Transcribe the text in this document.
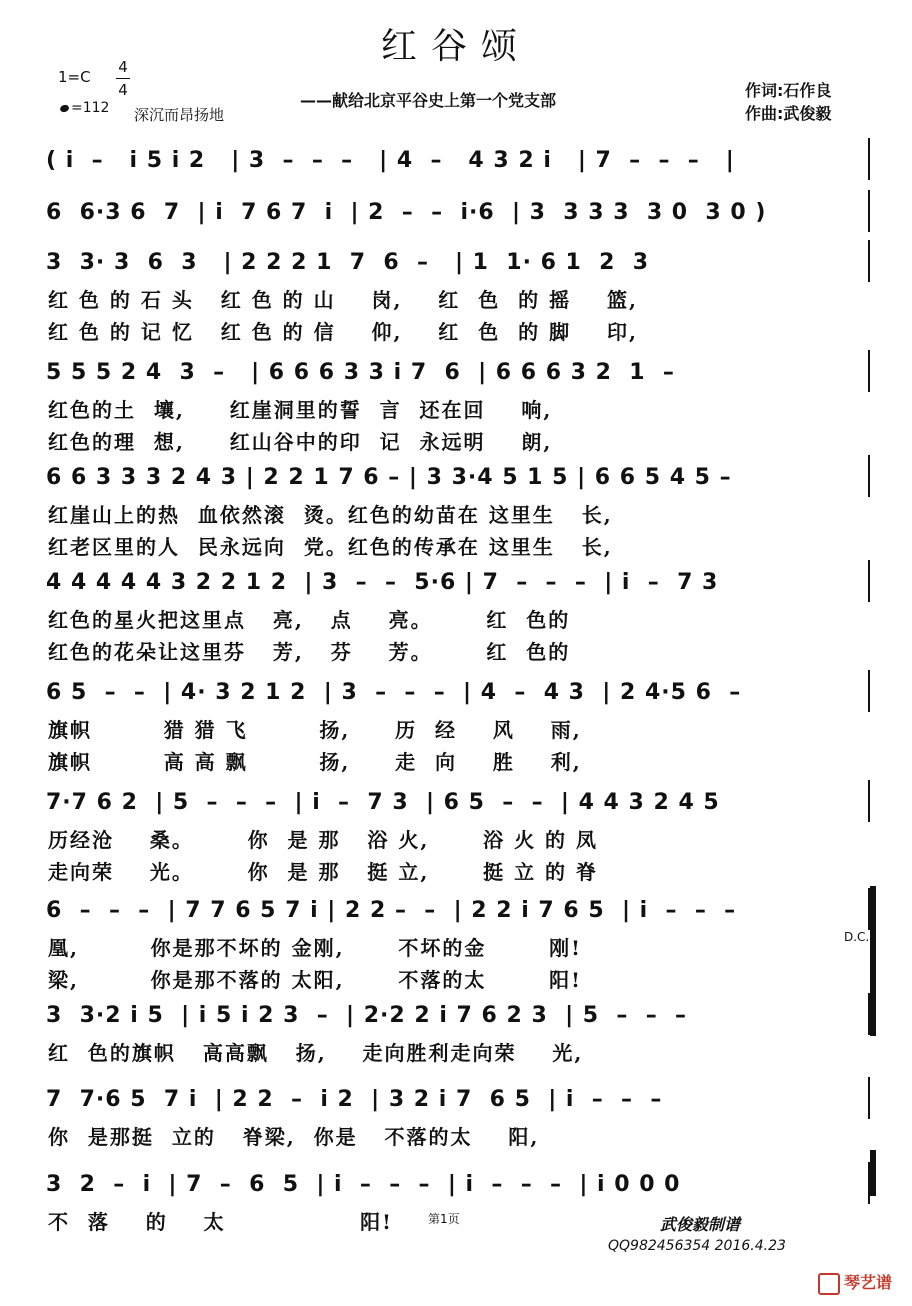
红谷颂
1=C
4
4
=112 深沉而昂扬地
——献给北京平谷史上第一个党支部
作词:石作良
作曲:武俊毅
( i  –   i 5 i 2   | 3  –  –  –   | 4  –   4 3 2 i   | 7  –  –  –   |
6  6·3 6  7  | i  7 6 7  i  | 2  –  –  i·6  | 3  3 3 3  3 0  3 0 )
3  3· 3  6  3   | 2 2 2 1  7  6  –   | 1  1· 6 1  2  3
红 色 的 石 头   红 色 的 山    岗,    红  色  的 摇    篮,
红 色 的 记 忆   红 色 的 信    仰,    红  色  的 脚    印,
5 5 5 2 4  3  –   | 6 6 6 3 3 i 7  6  | 6 6 6 3 2  1  –
红色的土  壤,     红崖洞里的誓  言  还在回    响,
红色的理  想,     红山谷中的印  记  永远明    朗,
6 6 3 3 3 2 4 3 | 2 2 1 7 6 – | 3 3·4 5 1 5 | 6 6 5 4 5 –
红崖山上的热  血依然滚  烫。红色的幼苗在 这里生   长,
红老区里的人  民永远向  党。红色的传承在 这里生   长,
4 4 4 4 4 3 2 2 1 2  | 3  –  –  5·6 | 7  –  –  –  | i  –  7 3
红色的星火把这里点   亮,   点    亮。      红  色的
红色的花朵让这里芬   芳,   芬    芳。      红  色的
6 5  –  –  | 4· 3 2 1 2  | 3  –  –  –  | 4  –  4 3  | 2 4·5 6  –
旗帜        猎 猎 飞        扬,     历  经    风    雨,
旗帜        高 高 飘        扬,     走  向    胜    利,
7·7 6 2  | 5  –  –  –  | i  –  7 3  | 6 5  –  –  | 4 4 3 2 4 5
历经沧    桑。      你  是 那   浴 火,      浴 火 的 凤
走向荣    光。      你  是 那   挺 立,      挺 立 的 脊
6  –  –  –  | 7 7 6 5 7 i | 2 2 –  –  | 2 2 i 7 6 5  | i  –  –  –
凰,        你是那不坏的 金刚,      不坏的金       刚!
梁,        你是那不落的 太阳,      不落的太       阳!
3  3·2 i 5  | i 5 i 2 3  –  | 2·2 2 i 7 6 2 3  | 5  –  –  –
红  色的旗帜   高高飘   扬,    走向胜利走向荣    光,
7  7·6 5  7 i  | 2 2  –  i 2  | 3 2 i 7  6 5  | i  –  –  –
你  是那挺  立的   脊梁,  你是   不落的太    阳,
3  2  –  i  | 7  –  6  5  | i  –  –  –  | i  –  –  –  | i 0 0 0
不  落    的    太               阳!
D.C.
第1页	武俊毅制谱
QQ982456354 2016.4.23
琴艺谱
